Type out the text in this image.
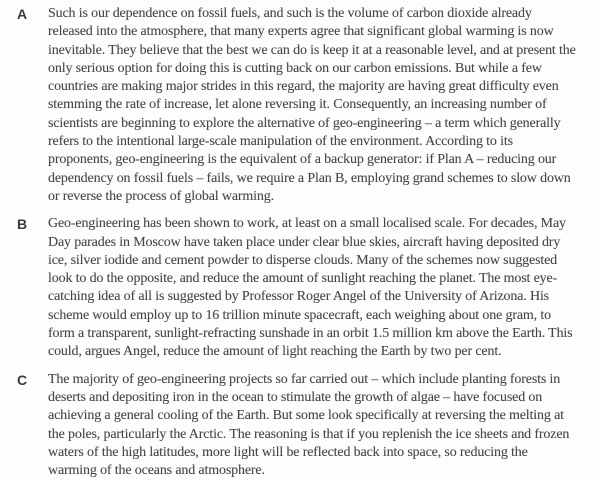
A	Such is our dependence on fossil fuels, and such is the volume of carbon dioxide already released into the atmosphere, that many experts agree that significant global warming is now inevitable. They believe that the best we can do is keep it at a reasonable level, and at present the only serious option for doing this is cutting back on our carbon emissions. But while a few countries are making major strides in this regard, the majority are having great difficulty even stemming the rate of increase, let alone reversing it. Consequently, an increasing number of scientists are beginning to explore the alternative of geo-engineering – a term which generally refers to the intentional large-scale manipulation of the environment. According to its proponents, geo-engineering is the equivalent of a backup generator: if Plan A – reducing our dependency on fossil fuels – fails, we require a Plan B, employing grand schemes to slow down or reverse the process of global warming.
B	Geo-engineering has been shown to work, at least on a small localised scale. For decades, May Day parades in Moscow have taken place under clear blue skies, aircraft having deposited dry ice, silver iodide and cement powder to disperse clouds. Many of the schemes now suggested look to do the opposite, and reduce the amount of sunlight reaching the planet. The most eye-catching idea of all is suggested by Professor Roger Angel of the University of Arizona. His scheme would employ up to 16 trillion minute spacecraft, each weighing about one gram, to form a transparent, sunlight-refracting sunshade in an orbit 1.5 million km above the Earth. This could, argues Angel, reduce the amount of light reaching the Earth by two per cent.
C	The majority of geo-engineering projects so far carried out – which include planting forests in deserts and depositing iron in the ocean to stimulate the growth of algae – have focused on achieving a general cooling of the Earth. But some look specifically at reversing the melting at the poles, particularly the Arctic. The reasoning is that if you replenish the ice sheets and frozen waters of the high latitudes, more light will be reflected back into space, so reducing the warming of the oceans and atmosphere.
